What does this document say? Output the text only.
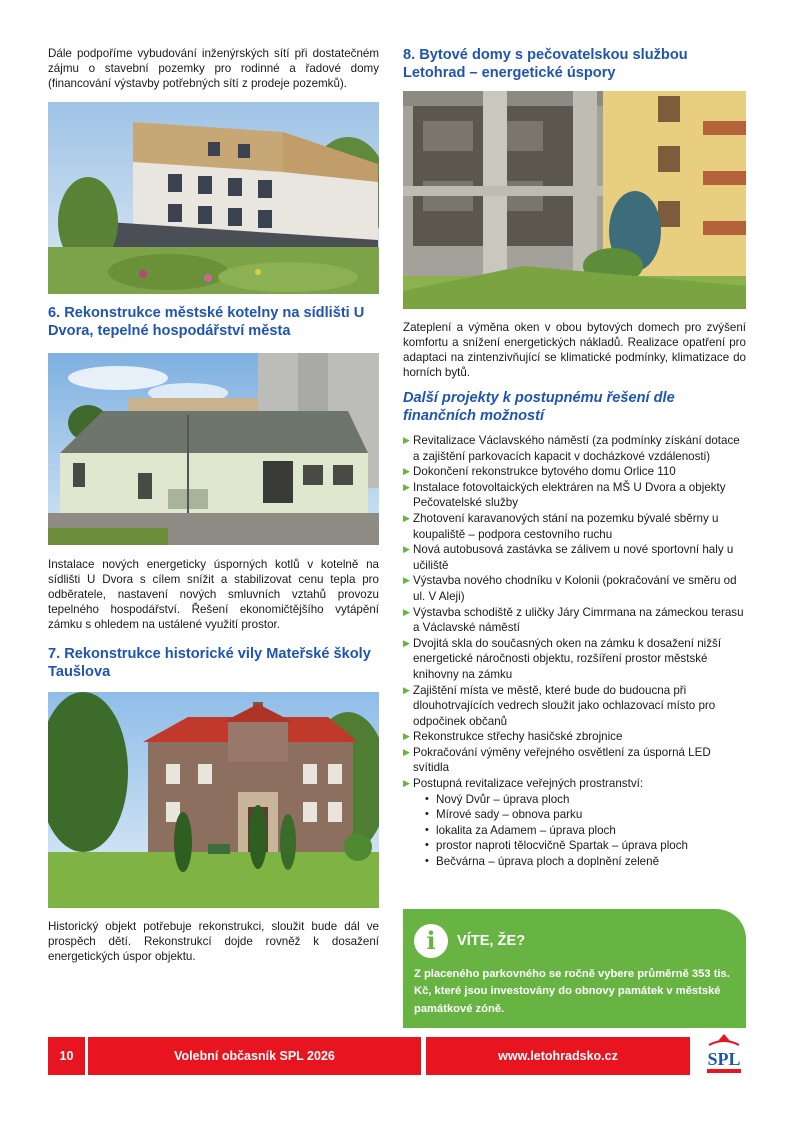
Dále podpoříme vybudování inženýrských sítí při dostatečném zájmu o stavební pozemky pro rodinné a řadové domy (financování výstavby potřebných sítí z prodeje pozemků).

6. Rekonstrukce městské kotelny na sídlišti U Dvora, tepelné hospodářství města

Instalace nových energeticky úsporných kotlů v kotelně na sídlišti U Dvora s cílem snížit a stabilizovat cenu tepla pro odběratele, nastavení nových smluvních vztahů provozu tepelného hospodářství. Řešení ekonomičtějšího vytápění zámku s ohledem na ustálené využití prostor.

7. Rekonstrukce historické vily Mateřské školy Taušlova

Historický objekt potřebuje rekonstrukci, sloužit bude dál ve prospěch dětí. Rekonstrukcí dojde rovněž k dosažení energetických úspor objektu.

8. Bytové domy s pečovatelskou službou Letohrad – energetické úspory

Zateplení a výměna oken v obou bytových domech pro zvýšení komfortu a snížení energetických nákladů. Realizace opatření pro adaptaci na zintenzivňující se klimatické podmínky, klimatizace do horních bytů.

Další projekty k postupnému řešení dle finančních možností
▶ Revitalizace Václavského náměstí (za podmínky získání dotace a zajištění parkovacích kapacit v docházkové vzdálenosti)
▶ Dokončení rekonstrukce bytového domu Orlice 110
▶ Instalace fotovoltaických elektráren na MŠ U Dvora a objekty Pečovatelské služby
▶ Zhotovení karavanových stání na pozemku bývalé sběrny u koupaliště – podpora cestovního ruchu
▶ Nová autobusová zastávka se zálivem u nové sportovní haly u učiliště
▶ Výstavba nového chodníku v Kolonii (pokračování ve směru od ul. V Aleji)
▶ Výstavba schodiště z uličky Járy Cimrmana na zámeckou terasu a Václavské náměstí
▶ Dvojitá skla do současných oken na zámku k dosažení nižší energetické náročnosti objektu, rozšíření prostor městské knihovny na zámku
▶ Zajištění místa ve městě, které bude do budoucna při dlouhotrvajících vedrech sloužit jako ochlazovací místo pro odpočinek občanů
▶ Rekonstrukce střechy hasičské zbrojnice
▶ Pokračování výměny veřejného osvětlení za úsporná LED svítidla
▶ Postupná revitalizace veřejných prostranství:
• Nový Dvůr – úprava ploch
• Mírové sady – obnova parku
• lokalita za Adamem – úprava ploch
• prostor naproti tělocvičně Spartak – úprava ploch
• Bečvárna – úprava ploch a doplnění zeleně
i	VÍTE, ŽE?
Z placeného parkovného se ročně vybere průměrně 353 tis. Kč, které jsou investovány do obnovy památek v městské památkové zóně.
10	Volební občasník SPL 2026	www.letohradsko.cz	SPL
